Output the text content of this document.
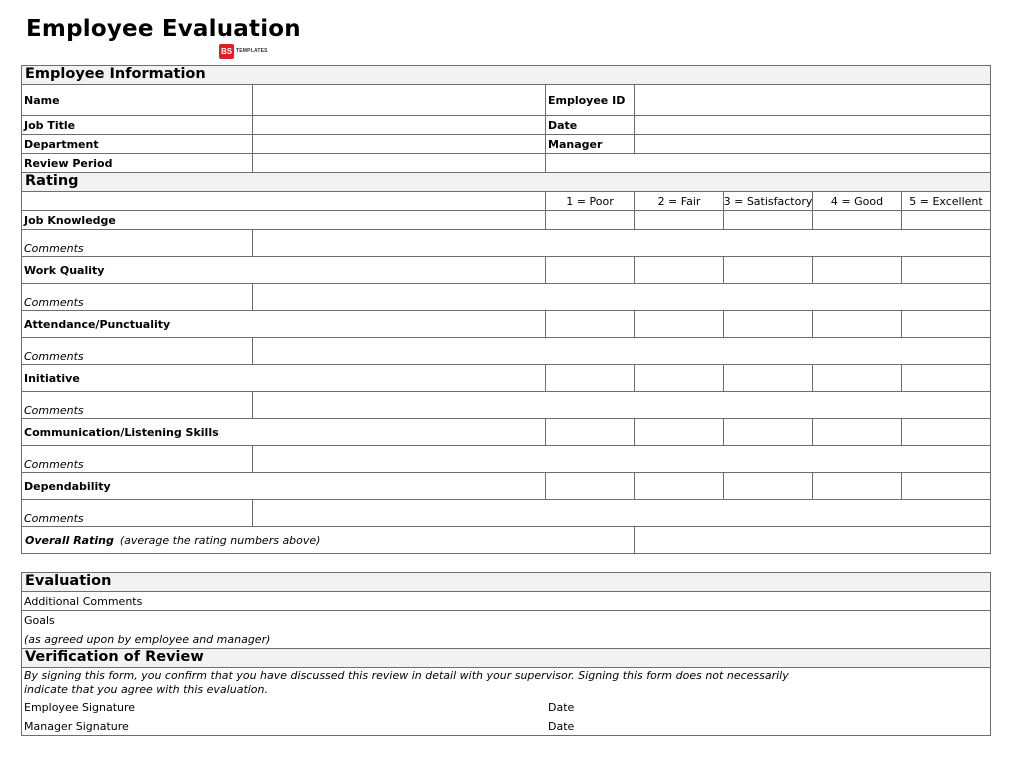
Employee Evaluation
BS TEMPLATES
Employee Information
Name	Employee ID
Job Title	Date
Department	Manager
Review Period
Rating
1 = Poor	2 = Fair	3 = Satisfactory	4 = Good	5 = Excellent
Job Knowledge
Comments
Work Quality
Comments
Attendance/Punctuality
Comments
Initiative
Comments
Communication/Listening Skills
Comments
Dependability
Comments
Overall Rating (average the rating numbers above)
Evaluation
Additional Comments
Goals
(as agreed upon by employee and manager)
Verification of Review
By signing this form, you confirm that you have discussed this review in detail with your supervisor. Signing this form does not necessarily
indicate that you agree with this evaluation.
Employee Signature	Date
Manager Signature	Date
